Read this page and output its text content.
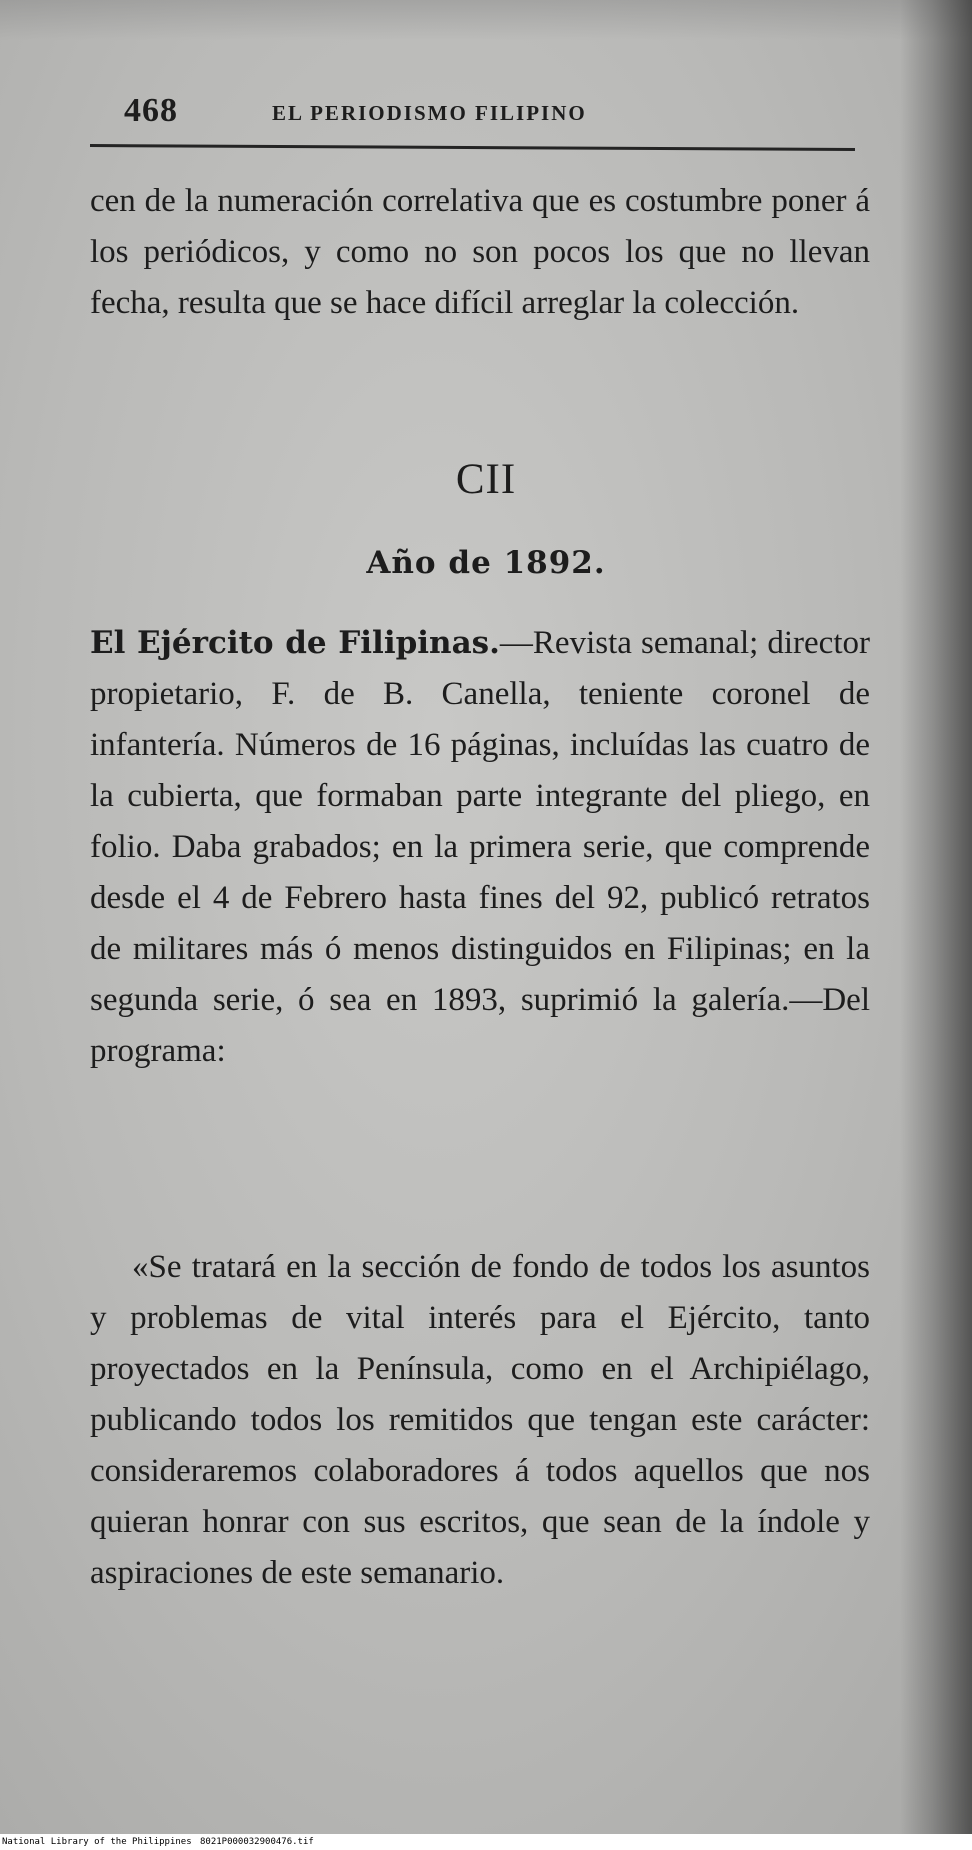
468	EL PERIODISMO FILIPINO

cen de la numeración correlativa que es costumbre poner á los periódicos, y como no son pocos los que no llevan fecha, resulta que se hace difícil arreglar la colección.

CII
Año de 1892.

El Ejército de Filipinas.—Revista semanal; director propietario, F. de B. Canella, teniente coronel de infantería. Números de 16 páginas, incluídas las cuatro de la cubierta, que formaban parte integrante del pliego, en folio. Daba grabados; en la primera serie, que comprende desde el 4 de Febrero hasta fines del 92, publicó retratos de militares más ó menos distinguidos en Filipinas; en la segunda serie, ó sea en 1893, suprimió la galería.—Del programa:

«Se tratará en la sección de fondo de todos los asuntos y problemas de vital interés para el Ejército, tanto proyectados en la Península, como en el Archipiélago, publicando todos los remitidos que tengan este carácter: consideraremos colaboradores á todos aquellos que nos quieran honrar con sus escritos, que sean de la índole y aspiraciones de este semanario.

National Library of the Philippines

8021P000032900476.tif
